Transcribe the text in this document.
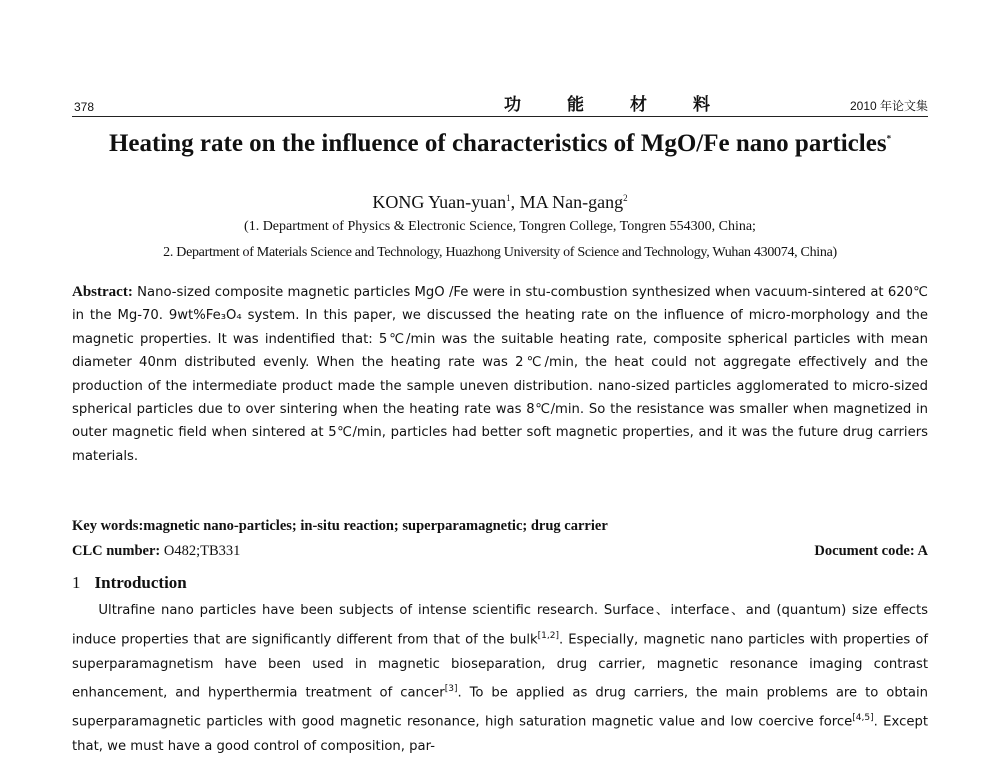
378	功能材料	2010 年论文集
Heating rate on the influence of characteristics of MgO/Fe nano particles*
KONG Yuan-yuan$^1$, MA Nan-gang$^2$
(1. Department of Physics & Electronic Science, Tongren College, Tongren 554300, China;
2. Department of Materials Science and Technology, Huazhong University of Science and Technology, Wuhan 430074, China)
Abstract: Nano-sized composite magnetic particles MgO /Fe were in stu-combustion synthesized when vacuum-sintered at 620℃ in the Mg-70. 9wt%Fe₃O₄ system. In this paper, we discussed the heating rate on the influence of micro-morphology and the magnetic properties. It was indentified that: 5℃/min was the suitable heating rate, composite spherical particles with mean diameter 40nm distributed evenly. When the heating rate was 2℃/min, the heat could not aggregate effectively and the production of the intermediate product made the sample uneven distribution. nano-sized particles agglomerated to micro-sized spherical particles due to over sintering when the heating rate was 8℃/min. So the resistance was smaller when magnetized in outer magnetic field when sintered at 5℃/min, particles had better soft magnetic properties, and it was the future drug carriers materials.
Key words:magnetic nano-particles; in-situ reaction; superparamagnetic; drug carrier
CLC number: O482;TB331	Document code: A
1 Introduction
Ultrafine nano particles have been subjects of intense scientific research. Surface、interface、and (quantum) size effects induce properties that are significantly different from that of the bulk[1,2]. Especially, magnetic nano particles with properties of superparamagnetism have been used in magnetic bioseparation, drug carrier, magnetic resonance imaging contrast enhancement, and hyperthermia treatment of cancer[3]. To be applied as drug carriers, the main problems are to obtain superparamagnetic particles with good magnetic resonance, high saturation magnetic value and low coercive force[4,5]. Except that, we must have a good control of composition, par-
